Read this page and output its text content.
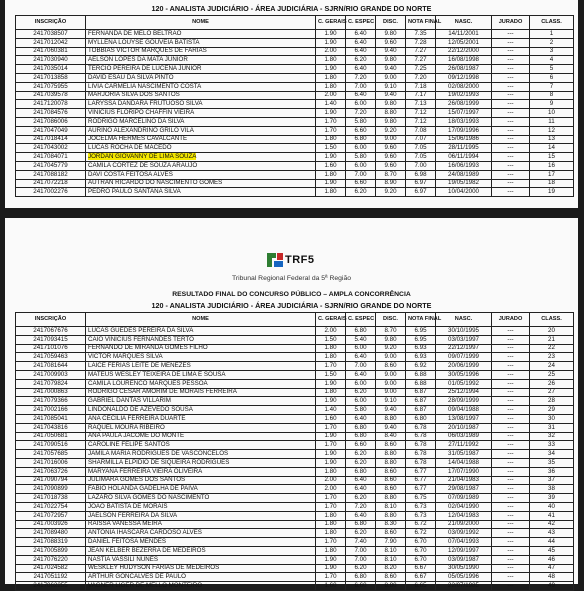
120 - ANALISTA JUDICIÁRIO - ÁREA JUDICIÁRIA - SJRN/RIO GRANDE DO NORTE
INSCRIÇÃO	NOME	C. GERAIS	C. ESPEC	DISC.	NOTA FINAL	NASC.	JURADO	CLASS.
2417038507	FERNANDA DE MELO BELTRAO	1.90	6.40	9.80	7.35	14/11/2001	---	1
2417012042	MYLLENA LOUYSE GOUVEIA BATISTA	1.90	6.40	9.60	7.28	12/05/2001	---	2
2417060381	TOBBIAS VICTOR MARQUES DE FARIAS	2.00	6.40	9.40	7.27	22/12/2000	---	3
2417030940	AELSON LOPES DA MATA JUNIOR	1.80	6.20	9.80	7.27	16/08/1998	---	4
2417035014	TERCIO PEREIRA DE LUCENA JUNIOR	1.90	6.40	9.40	7.25	26/08/1987	---	5
2417013858	DAVID ESAU DA SILVA PINTO	1.80	7.20	9.00	7.20	09/12/1998	---	6
2417075955	LIVIA CARMELIA NASCIMENTO COSTA	1.80	7.00	9.10	7.18	02/08/2000	---	7
2417039578	MARJORIA SILVA DOS SANTOS	2.00	6.40	9.40	7.17	19/02/1993	---	8
2417120078	LARYSSA DANDARA FRUTUOSO SILVA	1.40	6.00	9.80	7.13	26/08/1999	---	9
2417084576	VINICIUS FLORIPO CHAFFIN VIEIRA	1.90	7.20	8.80	7.12	15/07/1997	---	10
2417086006	RODRIGO MARCELINO DA SILVA	1.70	5.80	9.80	7.12	18/03/1993	---	11
2417047049	AURINO ALEXANDRINO GRILO VILA	1.70	6.60	9.20	7.08	17/09/1996	---	12
2417018414	JOCELMA HERMES CAVALCANTE	1.80	6.80	9.00	7.07	15/06/1986	---	13
2417043002	LUCAS ROCHA DE MACEDO	1.50	6.00	9.60	7.05	28/11/1995	---	14
2417084071	JORDAN GIOVANNY DE LIMA SOUZA	1.90	5.80	9.60	7.05	06/11/1994	---	15
2417045779	CAMILA CORTEZ DE SOUZA ARAUJO	1.60	6.00	9.60	7.00	16/06/1993	---	16
2417088182	DAVI COSTA FEITOSA ALVES	1.80	7.00	8.70	6.98	24/08/1989	---	17
2417072218	AUTRAN RICARDO DO NASCIMENTO GOMES	1.90	6.60	8.90	6.97	19/05/1982	---	18
2417002276	PEDRO PAULO SANTANA SILVA	1.80	6.20	9.20	6.97	10/04/2000	---	19
TRF5
Tribunal Regional Federal da 5ª Região
RESULTADO FINAL DO CONCURSO PÚBLICO – AMPLA CONCORRÊNCIA
120 - ANALISTA JUDICIÁRIO - ÁREA JUDICIÁRIA - SJRN/RIO GRANDE DO NORTE
INSCRIÇÃO	NOME	C. GERAIS	C. ESPEC	DISC.	NOTA FINAL	NASC.	JURADO	CLASS.
2417067676	LUCAS GUEDES PEREIRA DA SILVA	2.00	6.80	8.70	6.95	30/10/1995	---	20
2417093415	CAIO VINICIUS FERNANDES TERTO	1.50	5.40	9.80	6.95	03/03/1997	---	21
2417101076	FERNANDO DE MIRANDA GOMES FILHO	1.80	6.00	9.20	6.93	22/12/1997	---	22
2417059463	VICTOR MARQUES SILVA	1.80	6.40	9.00	6.93	09/07/1999	---	23
2417081644	LAICE FERIAS LEITE DE MENEZES	1.70	7.00	8.60	6.92	20/06/1999	---	24
2417009903	MATEUS WESLEY TEIXEIRA DE LIMA E SOUSA	1.50	6.40	9.00	6.88	30/05/1996	---	25
2417079824	CAMILA LOURENCO MARQUES PESSOA	1.90	6.00	9.00	6.88	01/05/1992	---	26
2417000863	RODRIGO CESAR AMORIM DE MORAIS FERREIRA	1.80	6.20	9.00	6.87	25/12/1994	---	27
2417079366	GABRIEL DANTAS VILLARIM	1.90	6.00	9.10	6.87	28/09/1999	---	28
2417002166	LINDONALDO DE AZEVEDO SOUSA	1.40	5.80	9.40	6.87	09/04/1988	---	29
2417085041	ANA CECILIA FERREIRA DUARTE	1.60	6.40	8.80	6.80	13/08/1997	---	30
2417043816	RAQUEL MOURA RIBEIRO	1.70	6.80	9.40	6.78	20/10/1987	---	31
2417050681	ANA PAULA JACOME DO MONTE	1.90	6.80	8.40	6.78	06/03/1989	---	32
2417090516	CAROLINE FELIPE SANTOS	1.70	6.60	8.60	6.78	27/11/1992	---	33
2417057685	JAMILA MARIA RODRIGUES DE VASCONCELOS	1.90	6.20	8.80	6.78	31/05/1987	---	34
2417016006	SHARMILLA ELPIDIO DE SIQUEIRA RODRIGUES	1.90	6.20	8.80	6.78	14/04/1988	---	35
2417063726	MARYANA FERREIRA VIEIRA OLIVEIRA	1.80	6.80	8.60	6.77	17/07/1990	---	36
2417090794	JULIMARA GOMES DOS SANTOS	2.00	6.40	8.60	6.77	21/04/1983	---	37
2417090899	FABIO HOLANDA GADELHA DE PAIVA	2.00	6.40	8.60	6.77	29/08/1987	---	38
2417018738	LAZARO SILVA GOMES DO NASCIMENTO	1.70	6.20	8.80	6.75	07/09/1989	---	39
2417022754	JOAO BATISTA DE MORAIS	1.70	7.20	8.10	6.73	02/04/1990	---	40
2417072957	JAELSON FERREIRA DA SILVA	1.80	6.40	8.80	6.73	12/04/1983	---	41
2417003926	RAISSA VANESSA MEIRA	1.80	6.80	8.30	6.72	21/09/2000	---	42
2417089480	ANTONIA IHASCARA CARDOSO ALVES	1.80	6.20	8.60	6.72	03/09/1992	---	43
2417088319	DANIEL FEITOSA MENDES	1.70	7.40	7.90	6.70	07/04/1993	---	44
2417005899	JEAN KELBER BEZERRA DE MEDEIROS	1.80	7.00	8.10	6.70	12/09/1997	---	45
2417076220	NASTIA VASSILI NUNES	1.90	7.00	8.10	6.70	03/09/1987	---	46
2417024582	WESKLEY HUDYSON FARIAS DE MEDEIROS	1.90	6.20	8.20	6.67	30/05/1990	---	47
2417051192	ARTHUR GONCALVES DE PAULO	1.70	6.80	8.60	6.67	05/05/1996	---	48
2417062255	VAGNER LIGER DE MELLO MONTEIRO	1.60	6.60	8.80	6.65	22/07/1985	---	49
